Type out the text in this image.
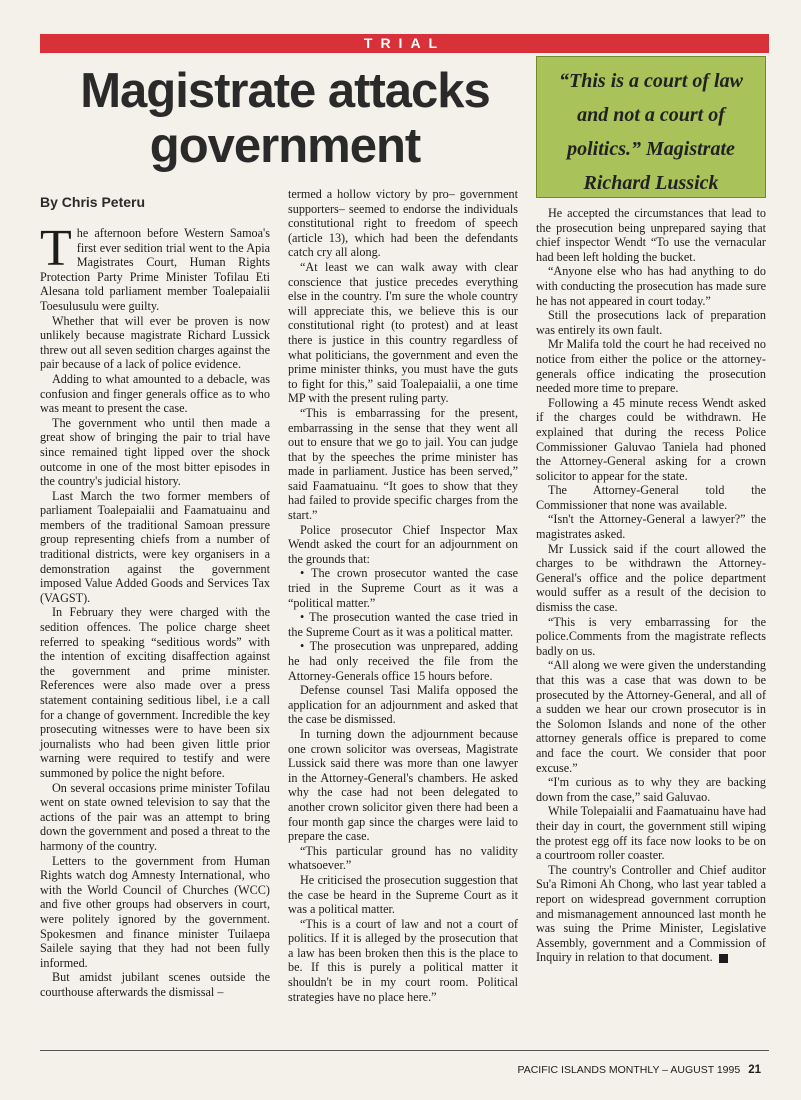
TRIAL
Magistrate attacks government
By Chris Peteru
“This is a court of law and not a court of politics.” Magistrate Richard Lussick

The afternoon before Western Samoa's first ever sedition trial went to the Apia Magistrates Court, Human Rights Protection Party Prime Minister Tofilau Eti Alesana told parliament member Toalepaialii Toesulusulu were guilty.

Whether that will ever be proven is now unlikely because magistrate Richard Lussick threw out all seven sedition charges against the pair because of a lack of police evidence.

Adding to what amounted to a debacle, was confusion and finger generals office as to who was meant to present the case.

The government who until then made a great show of bringing the pair to trial have since remained tight lipped over the shock outcome in one of the most bitter episodes in the country's judicial history.

Last March the two former members of parliament Toalepaialii and Faamatuainu and members of the traditional Samoan pressure group representing chiefs from a number of traditional districts, were key organisers in a demonstration against the government imposed Value Added Goods and Services Tax (VAGST).

In February they were charged with the sedition offences. The police charge sheet referred to speaking “seditious words” with the intention of exciting disaffection against the government and prime minister. References were also made over a press statement containing seditious libel, i.e a call for a change of government. Incredible the key prosecuting witnesses were to have been six journalists who had been given little prior warning were required to testify and were summoned by police the night before.

On several occasions prime minister Tofilau went on state owned television to say that the actions of the pair was an attempt to bring down the government and posed a threat to the harmony of the country.

Letters to the government from Human Rights watch dog Amnesty International, who with the World Council of Churches (WCC) and five other groups had observers in court, were politely ignored by the government. Spokesmen and finance minister Tuilaepa Sailele saying that they had not been fully informed.

But amidst jubilant scenes outside the courthouse afterwards the dismissal –

termed a hollow victory by pro– government supporters– seemed to endorse the individuals constitutional right to freedom of speech (article 13), which had been the defendants catch cry all along.

“At least we can walk away with clear conscience that justice precedes everything else in the country. I'm sure the whole country will appreciate this, we believe this is our constitutional right (to protest) and at least there is justice in this country regardless of what politicians, the government and even the prime minister thinks, you must have the guts to fight for this,” said Toalepaialii, a one time MP with the present ruling party.

“This is embarrassing for the present, embarrassing in the sense that they went all out to ensure that we go to jail. You can judge that by the speeches the prime minister has made in parliament. Justice has been served,” said Faamatuainu. “It goes to show that they had failed to provide specific charges from the start.”

Police prosecutor Chief Inspector Max Wendt asked the court for an adjournment on the grounds that:

• The crown prosecutor wanted the case tried in the Supreme Court as it was a “political matter.”

• The prosecution wanted the case tried in the Supreme Court as it was a political matter.

• The prosecution was unprepared, adding he had only received the file from the Attorney-Generals office 15 hours before.

Defense counsel Tasi Malifa opposed the application for an adjournment and asked that the case be dismissed.

In turning down the adjournment because one crown solicitor was overseas, Magistrate Lussick said there was more than one lawyer in the Attorney-General's chambers. He asked why the case had not been delegated to another crown solicitor given there had been a four month gap since the charges were laid to prepare the case.

“This particular ground has no validity whatsoever.”

He criticised the prosecution suggestion that the case be heard in the Supreme Court as it was a political matter.

“This is a court of law and not a court of politics. If it is alleged by the prosecution that a law has been broken then this is the place to be. If this is purely a political matter it shouldn't be in my court room. Political strategies have no place here.”

He accepted the circumstances that lead to the prosecution being unprepared saying that chief inspector Wendt “To use the vernacular had been left holding the bucket.

“Anyone else who has had anything to do with conducting the prosecution has made sure he has not appeared in court today.”

Still the prosecutions lack of preparation was entirely its own fault.

Mr Malifa told the court he had received no notice from either the police or the attorney-generals office indicating the prosecution needed more time to prepare.

Following a 45 minute recess Wendt asked if the charges could be withdrawn. He explained that during the recess Police Commissioner Galuvao Taniela had phoned the Attorney-General asking for a crown solicitor to appear for the state.

The Attorney-General told the Commissioner that none was available.

“Isn't the Attorney-General a lawyer?” the magistrates asked.

Mr Lussick said if the court allowed the charges to be withdrawn the Attorney-General's office and the police department would suffer as a result of the decision to dismiss the case.

“This is very embarrassing for the police.Comments from the magistrate reflects badly on us.

“All along we were given the understanding that this was a case that was down to be prosecuted by the Attorney-General, and all of a sudden we hear our crown prosecutor is in the Solomon Islands and none of the other attorney generals office is prepared to come and face the court. We consider that poor excuse.”

“I'm curious as to why they are backing down from the case,” said Galuvao.

While Tolepaialii and Faamatuainu have had their day in court, the government still wiping the protest egg off its face now looks to be on a courtroom roller coaster.

The country's Controller and Chief auditor Su'a Rimoni Ah Chong, who last year tabled a report on widespread government corruption and mismanagement announced last month he was suing the Prime Minister, Legislative Assembly, government and a Commission of Inquiry in relation to that document.

PACIFIC ISLANDS MONTHLY – AUGUST 1995 21
